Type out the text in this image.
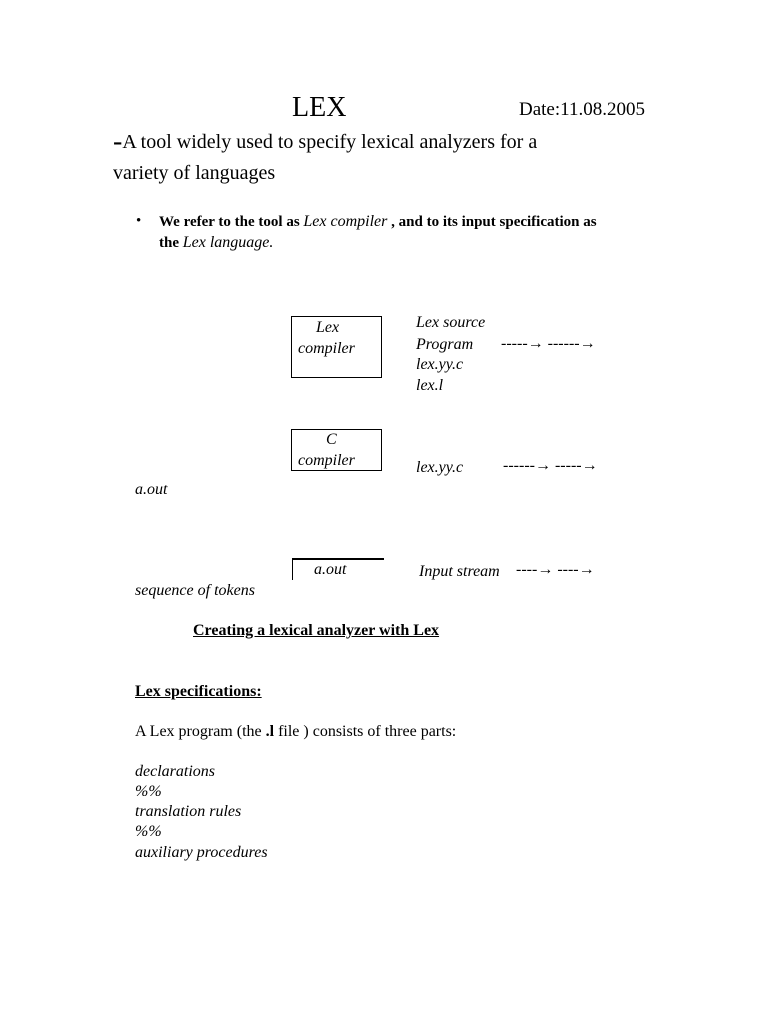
LEX	Date:11.08.2005
-A tool widely used to specify lexical analyzers for a
variety of languages
• We refer to the tool as Lex compiler , and to its input specification as
the Lex language.
Lex
compiler
Lex source
Program
lex.yy.c
lex.l
-----→ ------→
C
compiler	lex.yy.c ------→ -----→
a.out
a.out	Input stream ----→ ----→
sequence of tokens
Creating a lexical analyzer with Lex
Lex specifications:
A Lex program (the .l file ) consists of three parts:
declarations
%%
translation rules
%%
auxiliary procedures
